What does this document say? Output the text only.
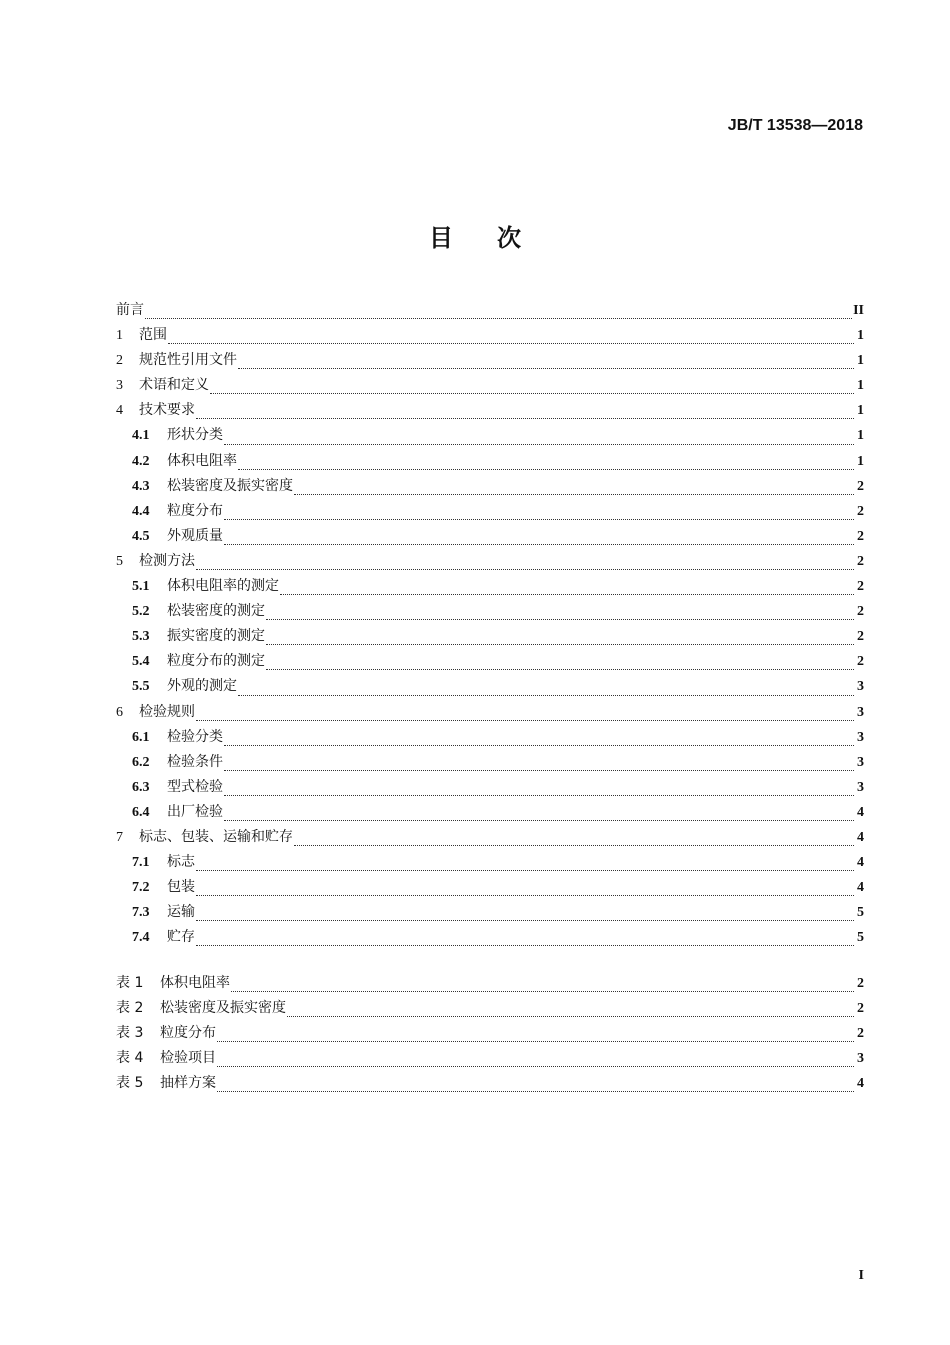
JB/T 13538—2018
目次
前言	II
1	范围	1
2	规范性引用文件	1
3	术语和定义	1
4	技术要求	1
4.1	形状分类	1
4.2	体积电阻率	1
4.3	松装密度及振实密度	2
4.4	粒度分布	2
4.5	外观质量	2
5	检测方法	2
5.1	体积电阻率的测定	2
5.2	松装密度的测定	2
5.3	振实密度的测定	2
5.4	粒度分布的测定	2
5.5	外观的测定	3
6	检验规则	3
6.1	检验分类	3
6.2	检验条件	3
6.3	型式检验	3
6.4	出厂检验	4
7	标志、包装、运输和贮存	4
7.1	标志	4
7.2	包装	4
7.3	运输	5
7.4	贮存	5
表 1	体积电阻率	2
表 2	松装密度及振实密度	2
表 3	粒度分布	2
表 4	检验项目	3
表 5	抽样方案	4
I
